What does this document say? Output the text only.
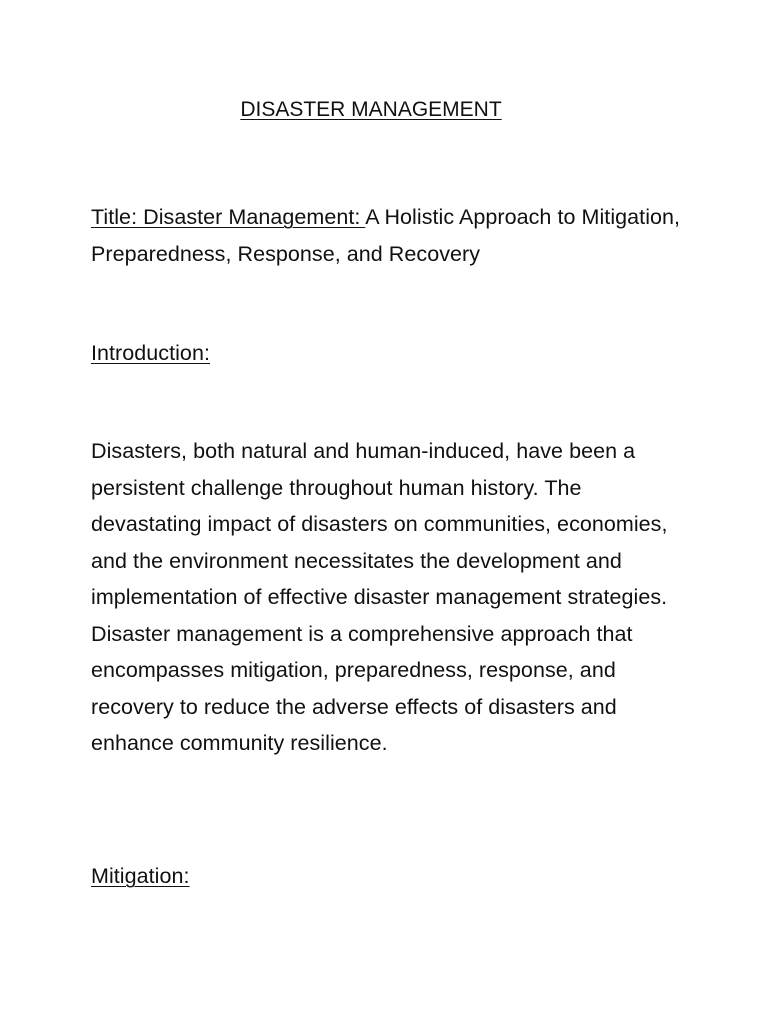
DISASTER MANAGEMENT
Title: Disaster Management: A Holistic Approach to Mitigation, Preparedness, Response, and Recovery
Introduction:
Disasters, both natural and human-induced, have been a persistent challenge throughout human history. The devastating impact of disasters on communities, economies, and the environment necessitates the development and implementation of effective disaster management strategies. Disaster management is a comprehensive approach that encompasses mitigation, preparedness, response, and recovery to reduce the adverse effects of disasters and enhance community resilience.
Mitigation:
